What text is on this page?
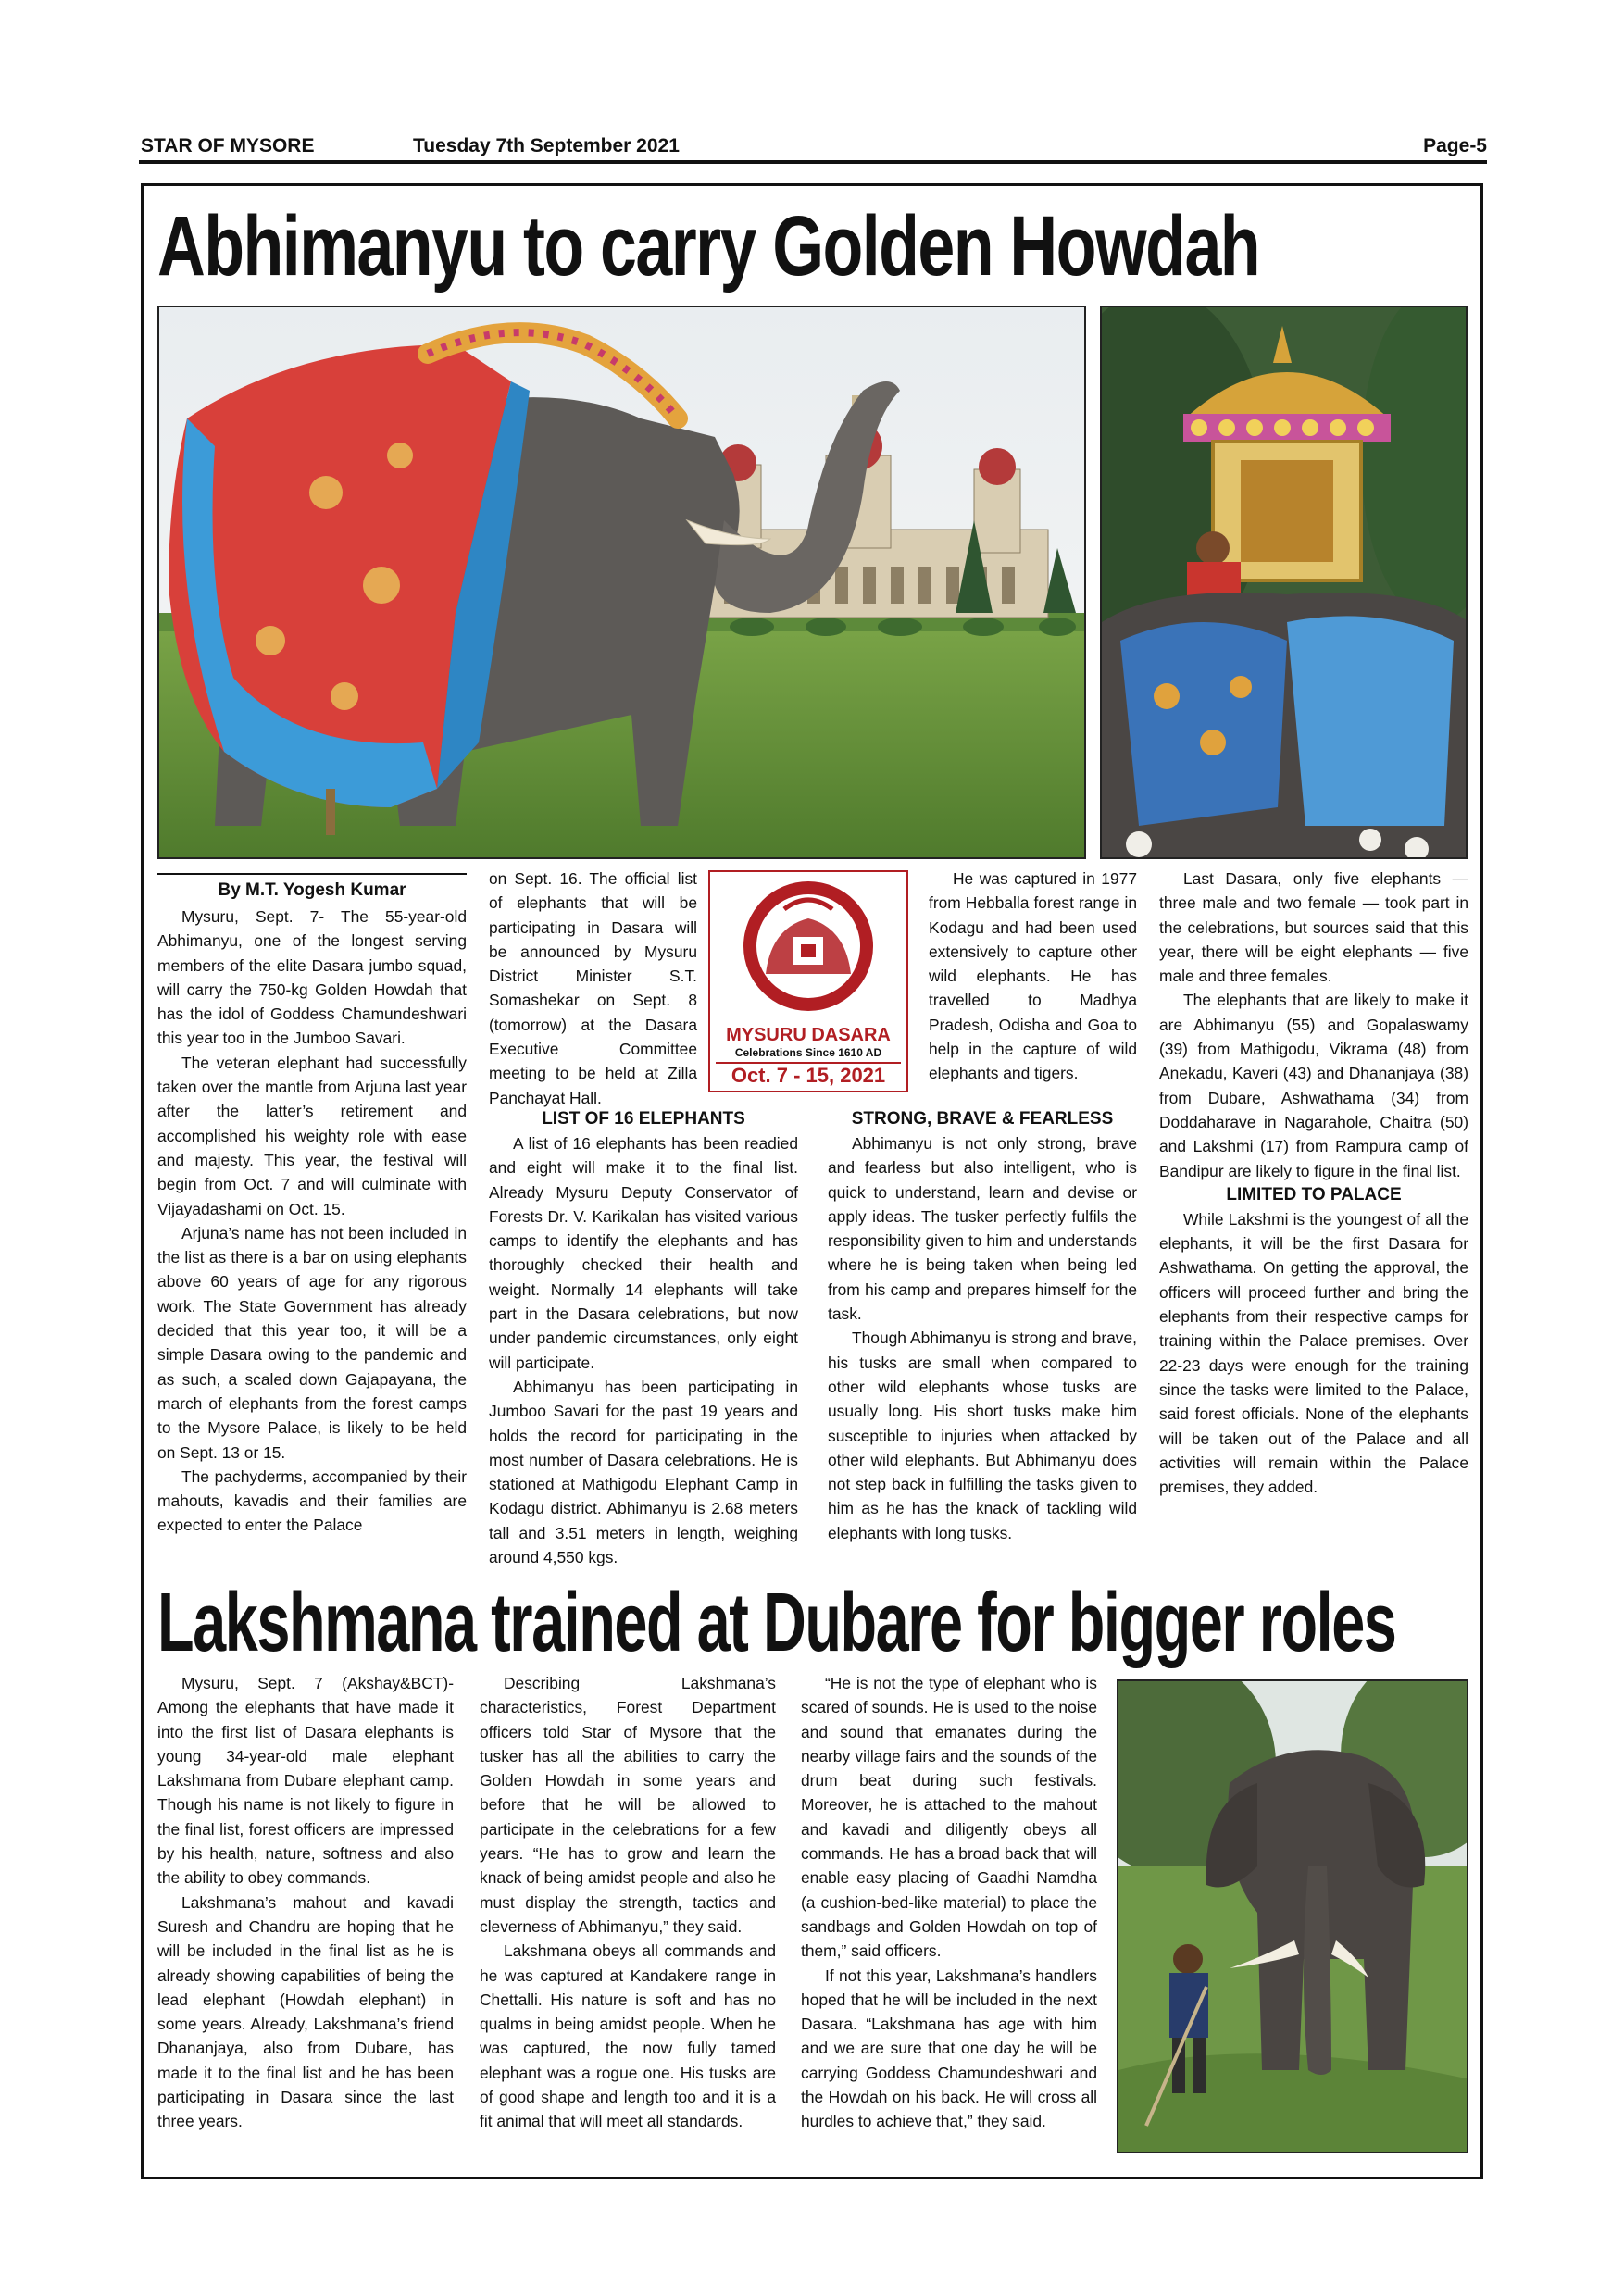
STAR OF MYSORE	Tuesday 7th September 2021	Page-5
Abhimanyu to carry Golden Howdah
By M.T. Yogesh Kumar

Mysuru, Sept. 7- The 55-year-old Abhimanyu, one of the longest serving members of the elite Dasara jumbo squad, will carry the 750-kg Golden Howdah that has the idol of Goddess Chamundeshwari this year too in the Jumboo Savari.

The veteran elephant had successfully taken over the mantle from Arjuna last year after the latter’s retirement and accomplished his weighty role with ease and majesty. This year, the festival will begin from Oct. 7 and will culminate with Vijayadashami on Oct. 15.

Arjuna’s name has not been included in the list as there is a bar on using elephants above 60 years of age for any rigorous work. The State Government has already decided that this year too, it will be a simple Dasara owing to the pandemic and as such, a scaled down Gajapayana, the march of elephants from the forest camps to the Mysore Palace, is likely to be held on Sept. 13 or 15.

The pachyderms, accompanied by their mahouts, kavadis and their families are expected to enter the Palace

on Sept. 16. The official list of elephants that will be participating in Dasara will be announced by Mysuru District Minister S.T. Somashekar on Sept. 8 (tomorrow) at the Dasara Executive Committee meeting to be held at Zilla Panchayat Hall.

MYSURU DASARA
Celebrations Since 1610 AD
Oct. 7 - 15, 2021
LIST OF 16 ELEPHANTS

A list of 16 elephants has been readied and eight will make it to the final list. Already Mysuru Deputy Conservator of Forests Dr. V. Karikalan has visited various camps to identify the elephants and has thoroughly checked their health and weight. Normally 14 elephants will take part in the Dasara celebrations, but now under pandemic circumstances, only eight will participate.

Abhimanyu has been participating in Jumboo Savari for the past 19 years and holds the record for participating in the most number of Dasara celebrations. He is stationed at Mathigodu Elephant Camp in Kodagu district. Abhimanyu is 2.68 meters tall and 3.51 meters in length, weighing around 4,550 kgs.

He was captured in 1977 from Hebballa forest range in Kodagu and had been used extensively to capture other wild elephants. He has travelled to Madhya Pradesh, Odisha and Goa to help in the capture of wild elephants and tigers.

STRONG, BRAVE & FEARLESS

Abhimanyu is not only strong, brave and fearless but also intelligent, who is quick to understand, learn and devise or apply ideas. The tusker perfectly fulfils the responsibility given to him and understands where he is being taken when being led from his camp and prepares himself for the task.

Though Abhimanyu is strong and brave, his tusks are small when compared to other wild elephants whose tusks are usually long. His short tusks make him susceptible to injuries when attacked by other wild elephants. But Abhimanyu does not step back in fulfilling the tasks given to him as he has the knack of tackling wild elephants with long tusks.

Last Dasara, only five elephants — three male and two female — took part in the celebrations, but sources said that this year, there will be eight elephants — five male and three females.

The elephants that are likely to make it are Abhimanyu (55) and Gopalaswamy (39) from Mathigodu, Vikrama (48) from Anekadu, Kaveri (43) and Dhananjaya (38) from Dubare, Ashwathama (34) from Doddaharave in Nagarahole, Chaitra (50) and Lakshmi (17) from Rampura camp of Bandipur are likely to figure in the final list.

LIMITED TO PALACE

While Lakshmi is the youngest of all the elephants, it will be the first Dasara for Ashwathama. On getting the approval, the officers will proceed further and bring the elephants from their respective camps for training within the Palace premises. Over 22-23 days were enough for the training since the tasks were limited to the Palace, said forest officials. None of the elephants will be taken out of the Palace and all activities will remain within the Palace premises, they added.

Lakshmana trained at Dubare for bigger roles

Mysuru, Sept. 7 (Akshay&BCT)- Among the elephants that have made it into the first list of Dasara elephants is young 34-year-old male elephant Lakshmana from Dubare elephant camp. Though his name is not likely to figure in the final list, forest officers are impressed by his health, nature, softness and also the ability to obey commands.

Lakshmana’s mahout and kavadi Suresh and Chandru are hoping that he will be included in the final list as he is already showing capabilities of being the lead elephant (Howdah elephant) in some years. Already, Lakshmana’s friend Dhananjaya, also from Dubare, has made it to the final list and he has been participating in Dasara since the last three years.

Describing Lakshmana’s characteristics, Forest Department officers told Star of Mysore that the tusker has all the abilities to carry the Golden Howdah in some years and before that he will be allowed to participate in the celebrations for a few years. “He has to grow and learn the knack of being amidst people and also he must display the strength, tactics and cleverness of Abhimanyu,” they said.

Lakshmana obeys all commands and he was captured at Kandakere range in Chettalli. His nature is soft and has no qualms in being amidst people. When he was captured, the now fully tamed elephant was a rogue one. His tusks are of good shape and length too and it is a fit animal that will meet all standards.

“He is not the type of elephant who is scared of sounds. He is used to the noise and sound that emanates during the nearby village fairs and the sounds of the drum beat during such festivals. Moreover, he is attached to the mahout and kavadi and diligently obeys all commands. He has a broad back that will enable easy placing of Gaadhi Namdha (a cushion-bed-like material) to place the sandbags and Golden Howdah on top of them,” said officers.

If not this year, Lakshmana’s handlers hoped that he will be included in the next Dasara. “Lakshmana has age with him and we are sure that one day he will be carrying Goddess Chamundeshwari and the Howdah on his back. He will cross all hurdles to achieve that,” they said.
